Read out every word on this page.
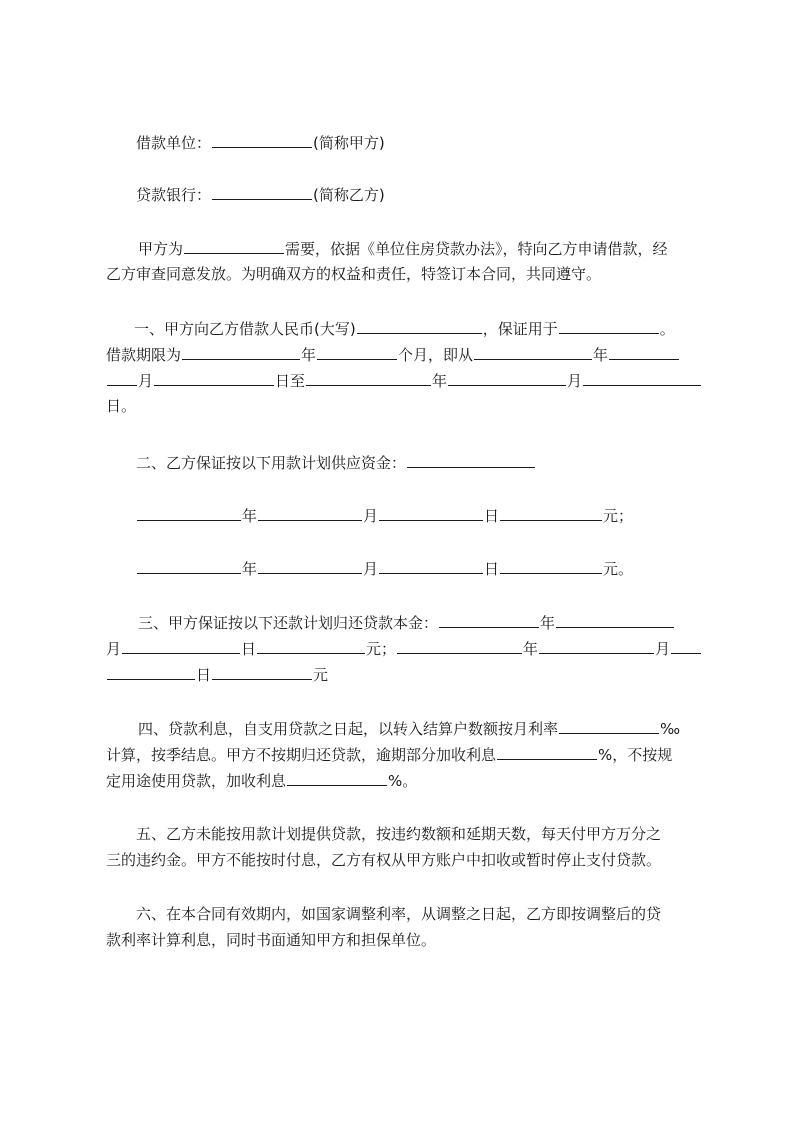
借款单位：	(简称甲方)

贷款银行：	(简称乙方)

甲方为	需要，依据《单位住房贷款办法》，特向乙方申请借款，经

乙方审查同意发放。为明确双方的权益和责任，特签订本合同，共同遵守。

一、甲方向乙方借款人民币(大写)	，保证用于	。

借款期限为	年	个月，即从	年

月	日至	年	月

日。

二、乙方保证按以下用款计划供应资金：

年	月	日	元；

年	月	日	元。

三、甲方保证按以下还款计划归还贷款本金：	年

月	日	元；	年	月

日	元

四、贷款利息，自支用贷款之日起，以转入结算户数额按月利率	‰

计算，按季结息。甲方不按期归还贷款，逾期部分加收利息	%，不按规

定用途使用贷款，加收利息	%。

五、乙方未能按用款计划提供贷款，按违约数额和延期天数，每天付甲方万分之

三的违约金。甲方不能按时付息，乙方有权从甲方账户中扣收或暂时停止支付贷款。

六、在本合同有效期内，如国家调整利率，从调整之日起，乙方即按调整后的贷

款利率计算利息，同时书面通知甲方和担保单位。
